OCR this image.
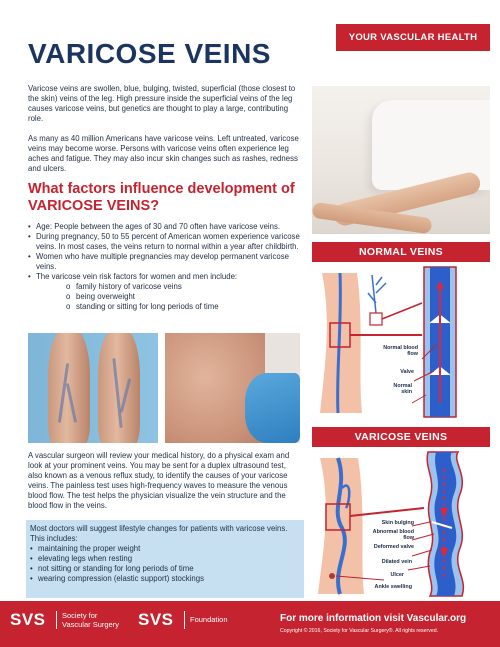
YOUR VASCULAR HEALTH
VARICOSE VEINS

Varicose veins are swollen, blue, bulging, twisted, superficial (those closest to the skin) veins of the leg. High pressure inside the superficial veins of the leg causes varicose veins, but genetics are thought to play a large, contributing role.

As many as 40 million Americans have varicose veins. Left untreated, varicose veins may become worse. Persons with varicose veins often experience leg aches and fatigue. They may also incur skin changes such as rashes, redness and ulcers.

What factors influence development of
VARICOSE VEINS?
• Age: People between the ages of 30 and 70 often have varicose veins.
• During pregnancy, 50 to 55 percent of American women experience varicose veins. In most cases, the veins return to normal within a year after childbirth.
• Women who have multiple pregnancies may develop permanent varicose veins.
• The varicose vein risk factors for women and men include:
o family history of varicose veins
o being overweight
o standing or sitting for long periods of time

A vascular surgeon will review your medical history, do a physical exam and look at your prominent veins. You may be sent for a duplex ultrasound test, also known as a venous reflux study, to identify the causes of your varicose veins. The painless test uses high-frequency waves to measure the venous blood flow. The test helps the physician visualize the vein structure and the blood flow in the veins.

Most doctors will suggest lifestyle changes for patients with varicose veins. This includes:

• maintaining the proper weight
• elevating legs when resting
• not sitting or standing for long periods of time
• wearing compression (elastic support) stockings
NORMAL VEINS
Normal blood flow
Valve
Normal skin
VARICOSE VEINS
Skin bulging
Abnormal blood flow
Deformed valve
Dilated vein
Ulcer
Ankle swelling
SVS Society for
Vascular Surgery SVS Foundation	For more information visit Vascular.org
Copyright © 2016, Society for Vascular Surgery®. All rights reserved.
